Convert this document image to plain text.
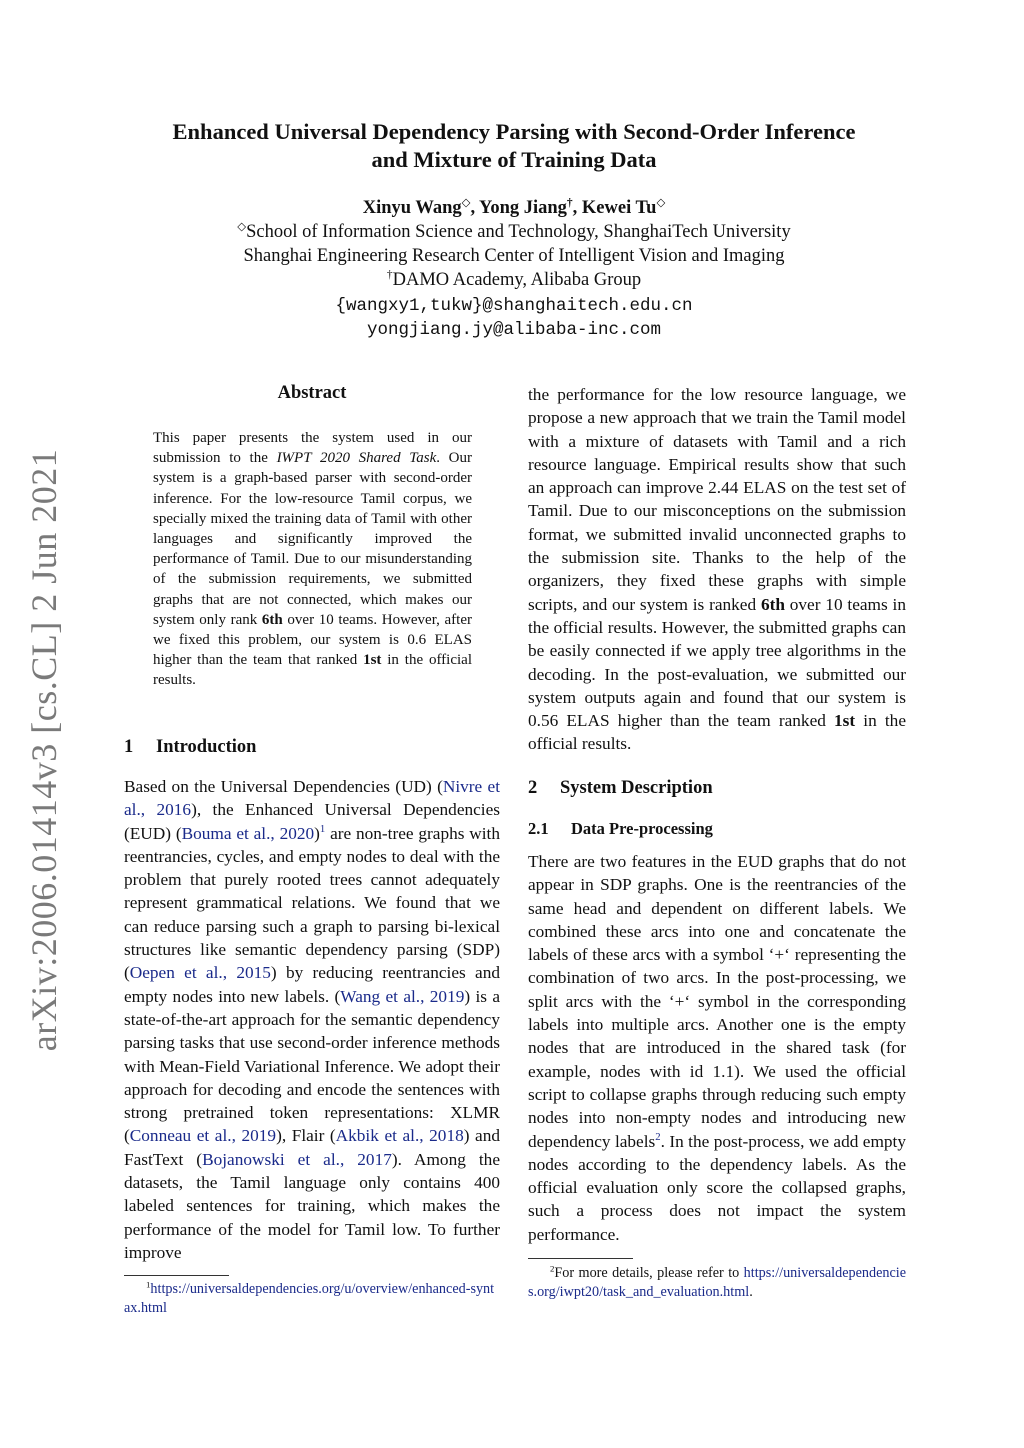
arXiv:2006.01414v3 [cs.CL] 2 Jun 2021
Enhanced Universal Dependency Parsing with Second-Order Inference
and Mixture of Training Data
Xinyu Wang◇, Yong Jiang†, Kewei Tu◇
◇School of Information Science and Technology, ShanghaiTech University
Shanghai Engineering Research Center of Intelligent Vision and Imaging
†DAMO Academy, Alibaba Group
{wangxy1,tukw}@shanghaitech.edu.cn
yongjiang.jy@alibaba-inc.com
Abstract
This paper presents the system used in our submission to the IWPT 2020 Shared Task. Our system is a graph-based parser with second-order inference. For the low-resource Tamil corpus, we specially mixed the training data of Tamil with other languages and significantly improved the performance of Tamil. Due to our misunderstanding of the submission requirements, we submitted graphs that are not connected, which makes our system only rank 6th over 10 teams. However, after we fixed this problem, our system is 0.6 ELAS higher than the team that ranked 1st in the official results.
1 Introduction
Based on the Universal Dependencies (UD) (Nivre et al., 2016), the Enhanced Universal Dependencies (EUD) (Bouma et al., 2020)$^1$ are non-tree graphs with reentrancies, cycles, and empty nodes to deal with the problem that purely rooted trees cannot adequately represent grammatical relations. We found that we can reduce parsing such a graph to parsing bi-lexical structures like semantic dependency parsing (SDP) (Oepen et al., 2015) by reducing reentrancies and empty nodes into new labels. (Wang et al., 2019) is a state-of-the-art approach for the semantic dependency parsing tasks that use second-order inference methods with Mean-Field Variational Inference. We adopt their approach for decoding and encode the sentences with strong pretrained token representations: XLMR (Conneau et al., 2019), Flair (Akbik et al., 2018) and FastText (Bojanowski et al., 2017). Among the datasets, the Tamil language only contains 400 labeled sentences for training, which makes the performance of the model for Tamil low. To further improve
$^1$https://universaldependencies.org/u/overview/enhanced-syntax.html
the performance for the low resource language, we propose a new approach that we train the Tamil model with a mixture of datasets with Tamil and a rich resource language. Empirical results show that such an approach can improve 2.44 ELAS on the test set of Tamil. Due to our misconceptions on the submission format, we submitted invalid unconnected graphs to the submission site. Thanks to the help of the organizers, they fixed these graphs with simple scripts, and our system is ranked 6th over 10 teams in the official results. However, the submitted graphs can be easily connected if we apply tree algorithms in the decoding. In the post-evaluation, we submitted our system outputs again and found that our system is 0.56 ELAS higher than the team ranked 1st in the official results.
2 System Description
2.1 Data Pre-processing
There are two features in the EUD graphs that do not appear in SDP graphs. One is the reentrancies of the same head and dependent on different labels. We combined these arcs into one and concatenate the labels of these arcs with a symbol ‘+‘ representing the combination of two arcs. In the post-processing, we split arcs with the ‘+‘ symbol in the corresponding labels into multiple arcs. Another one is the empty nodes that are introduced in the shared task (for example, nodes with id 1.1). We used the official script to collapse graphs through reducing such empty nodes into non-empty nodes and introducing new dependency labels$^2$. In the post-process, we add empty nodes according to the dependency labels. As the official evaluation only score the collapsed graphs, such a process does not impact the system performance.
$^2$For more details, please refer to https://universaldependencies.org/iwpt20/task_and_evaluation.html.
